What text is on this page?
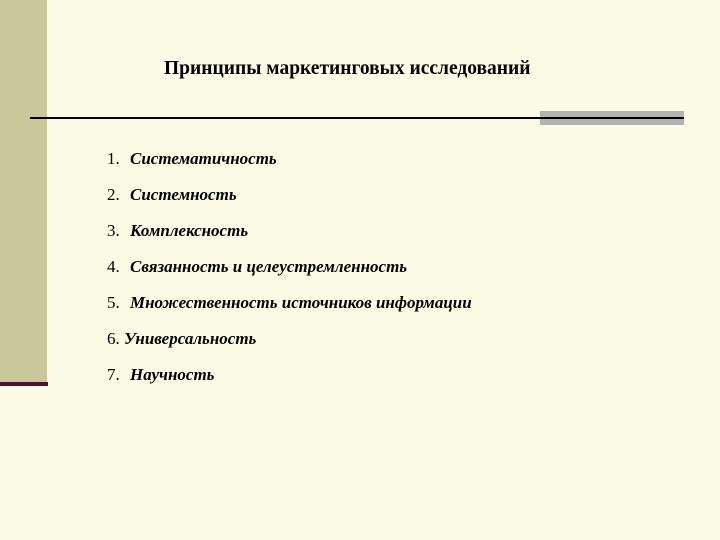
Принципы маркетинговых исследований
1. Систематичность
2. Системность
3. Комплексность
4. Связанность и целеустремленность
5. Множественность источников информации
6. Универсальность
7. Научность
